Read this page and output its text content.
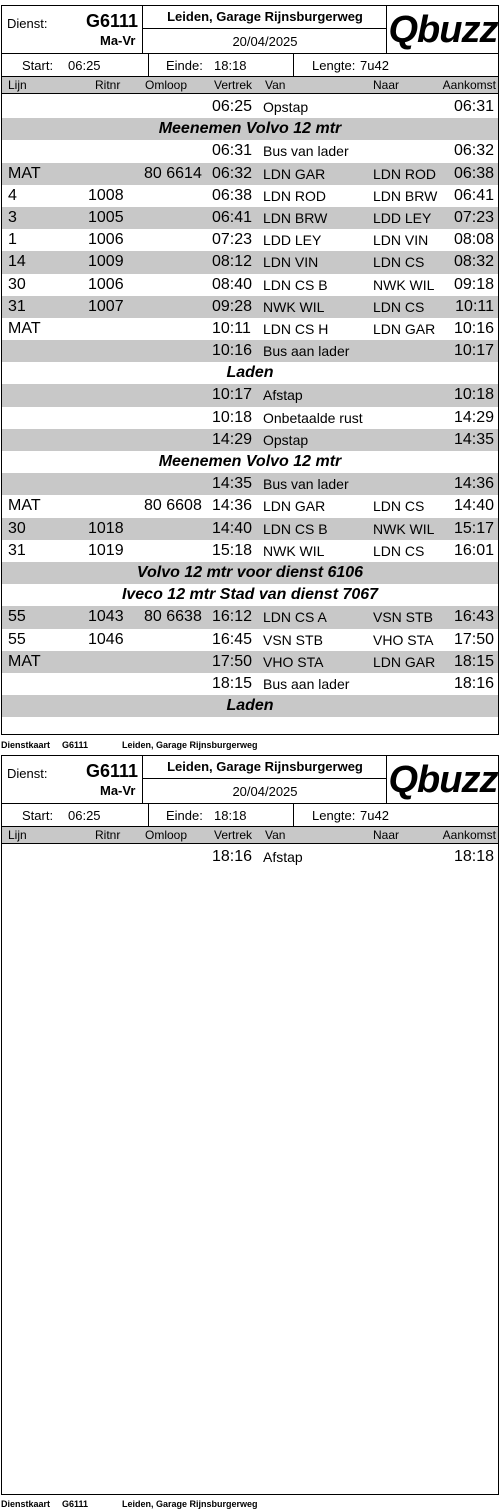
Dienst: G6111
Ma-Vr
Leiden, Garage Rijnsburgerweg
20/04/2025	Qbuzz
Start: 06:25	Einde: 18:18	Lengte: 7u42
Lijn	Ritnr Omloop Vertrek Van	Naar	Aankomst
06:25 Opstap	06:31
Meenemen Volvo 12 mtr
06:31 Bus van lader	06:32
MAT	80 6614 06:32 LDN GAR	LDN ROD 06:38
4	1008	06:38 LDN ROD	LDN BRW 06:41
3	1005	06:41 LDN BRW	LDD LEY 07:23
1	1006	07:23 LDD LEY	LDN VIN 08:08
14	1009	08:12 LDN VIN	LDN CS 08:32
30	1006	08:40 LDN CS B	NWK WIL 09:18
31	1007	09:28 NWK WIL	LDN CS 10:11
MAT	10:11 LDN CS H	LDN GAR 10:16
10:16 Bus aan lader	10:17
Laden
10:17 Afstap	10:18
10:18 Onbetaalde rust	14:29
14:29 Opstap	14:35
Meenemen Volvo 12 mtr
14:35 Bus van lader	14:36
MAT	80 6608 14:36 LDN GAR	LDN CS 14:40
30	1018	14:40 LDN CS B	NWK WIL 15:17
31	1019	15:18 NWK WIL	LDN CS 16:01
Volvo 12 mtr voor dienst 6106
Iveco 12 mtr Stad van dienst 7067
55	1043 80 6638 16:12 LDN CS A	VSN STB 16:43
55	1046	16:45 VSN STB	VHO STA 17:50
MAT	17:50 VHO STA	LDN GAR 18:15
18:15 Bus aan lader	18:16
Laden
Dienstkaart G6111	Leiden, Garage Rijnsburgerweg
Dienst: G6111
Ma-Vr
Leiden, Garage Rijnsburgerweg
20/04/2025	Qbuzz
Start: 06:25	Einde: 18:18	Lengte: 7u42
Lijn	Ritnr Omloop Vertrek Van	Naar	Aankomst
18:16 Afstap	18:18
Dienstkaart G6111	Leiden, Garage Rijnsburgerweg
